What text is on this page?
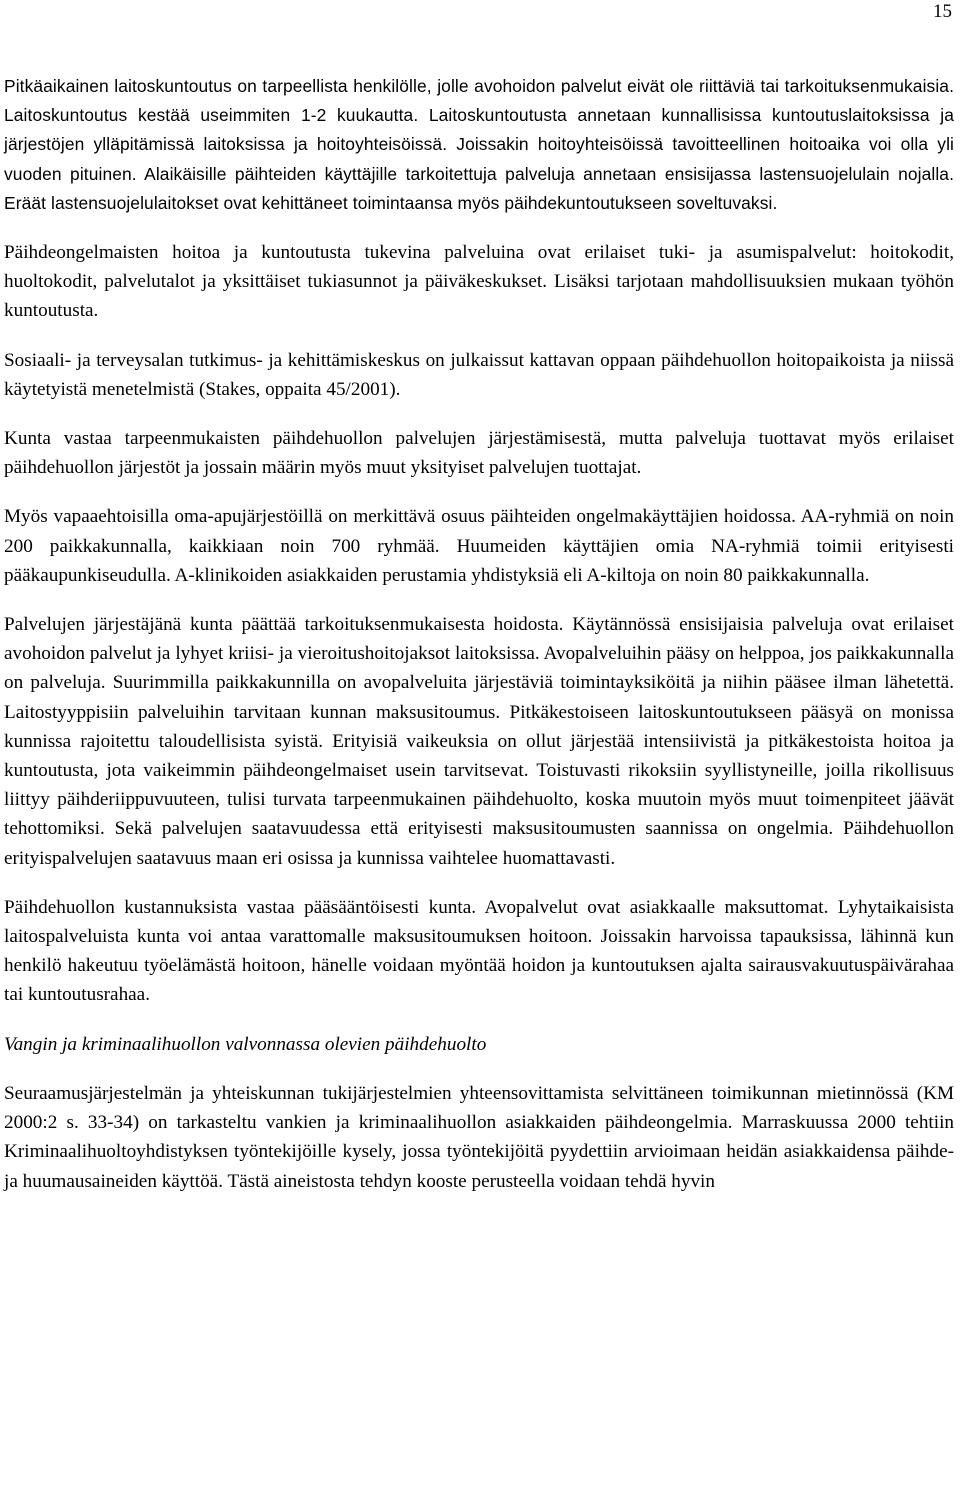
15

Pitkäaikainen laitoskuntoutus on tarpeellista henkilölle, jolle avohoidon palvelut eivät ole riittäviä tai tarkoituksenmukaisia. Laitoskuntoutus kestää useimmiten 1-2 kuukautta. Laitoskuntoutusta annetaan kunnallisissa kuntoutuslaitoksissa ja järjestöjen ylläpitämissä laitoksissa ja hoitoyhteisöissä. Joissakin hoitoyhteisöissä tavoitteellinen hoitoaika voi olla yli vuoden pituinen. Alaikäisille päihteiden käyttäjille tarkoitettuja palveluja annetaan ensisijassa lastensuojelulain nojalla. Eräät lastensuojelulaitokset ovat kehittäneet toimintaansa myös päihdekuntoutukseen soveltuvaksi.

Päihdeongelmaisten hoitoa ja kuntoutusta tukevina palveluina ovat erilaiset tuki- ja asumispalvelut: hoitokodit, huoltokodit, palvelutalot ja yksittäiset tukiasunnot ja päiväkeskukset. Lisäksi tarjotaan mahdollisuuksien mukaan työhön kuntoutusta.

Sosiaali- ja terveysalan tutkimus- ja kehittämiskeskus on julkaissut kattavan oppaan päihdehuollon hoitopaikoista ja niissä käytetyistä menetelmistä (Stakes, oppaita 45/2001).

Kunta vastaa tarpeenmukaisten päihdehuollon palvelujen järjestämisestä, mutta palveluja tuottavat myös erilaiset päihdehuollon järjestöt ja jossain määrin myös muut yksityiset palvelujen tuottajat.

Myös vapaaehtoisilla oma-apujärjestöillä on merkittävä osuus päihteiden ongelmakäyttäjien hoidossa. AA-ryhmiä on noin 200 paikkakunnalla, kaikkiaan noin 700 ryhmää. Huumeiden käyttäjien omia NA-ryhmiä toimii erityisesti pääkaupunkiseudulla. A-klinikoiden asiakkaiden perustamia yhdistyksiä eli A-kiltoja on noin 80 paikkakunnalla.

Palvelujen järjestäjänä kunta päättää tarkoituksenmukaisesta hoidosta. Käytännössä ensisijaisia palveluja ovat erilaiset avohoidon palvelut ja lyhyet kriisi- ja vieroitushoitojaksot laitoksissa. Avopalveluihin pääsy on helppoa, jos paikkakunnalla on palveluja. Suurimmilla paikkakunnilla on avopalveluita järjestäviä toimintayksiköitä ja niihin pääsee ilman lähetettä. Laitostyyppisiin palveluihin tarvitaan kunnan maksusitoumus. Pitkäkestoiseen laitoskuntoutukseen pääsyä on monissa kunnissa rajoitettu taloudellisista syistä. Erityisiä vaikeuksia on ollut järjestää intensiivistä ja pitkäkestoista hoitoa ja kuntoutusta, jota vaikeimmin päihdeongelmaiset usein tarvitsevat. Toistuvasti rikoksiin syyllistyneille, joilla rikollisuus liittyy päihderiippuvuuteen, tulisi turvata tarpeenmukainen päihdehuolto, koska muutoin myös muut toimenpiteet jäävät tehottomiksi. Sekä palvelujen saatavuudessa että erityisesti maksusitoumusten saannissa on ongelmia. Päihdehuollon erityispalvelujen saatavuus maan eri osissa ja kunnissa vaihtelee huomattavasti.

Päihdehuollon kustannuksista vastaa pääsääntöisesti kunta. Avopalvelut ovat asiakkaalle maksuttomat. Lyhytaikaisista laitospalveluista kunta voi antaa varattomalle maksusitoumuksen hoitoon. Joissakin harvoissa tapauksissa, lähinnä kun henkilö hakeutuu työelämästä hoitoon, hänelle voidaan myöntää hoidon ja kuntoutuksen ajalta sairausvakuutuspäivärahaa tai kuntoutusrahaa.

Vangin ja kriminaalihuollon valvonnassa olevien päihdehuolto

Seuraamusjärjestelmän ja yhteiskunnan tukijärjestelmien yhteensovittamista selvittäneen toimikunnan mietinnössä (KM 2000:2 s. 33-34) on tarkasteltu vankien ja kriminaalihuollon asiakkaiden päihdeongelmia. Marraskuussa 2000 tehtiin Kriminaalihuoltoyhdistyksen työntekijöille kysely, jossa työntekijöitä pyydettiin arvioimaan heidän asiakkaidensa päihde- ja huumausaineiden käyttöä. Tästä aineistosta tehdyn kooste perusteella voidaan tehdä hyvin
